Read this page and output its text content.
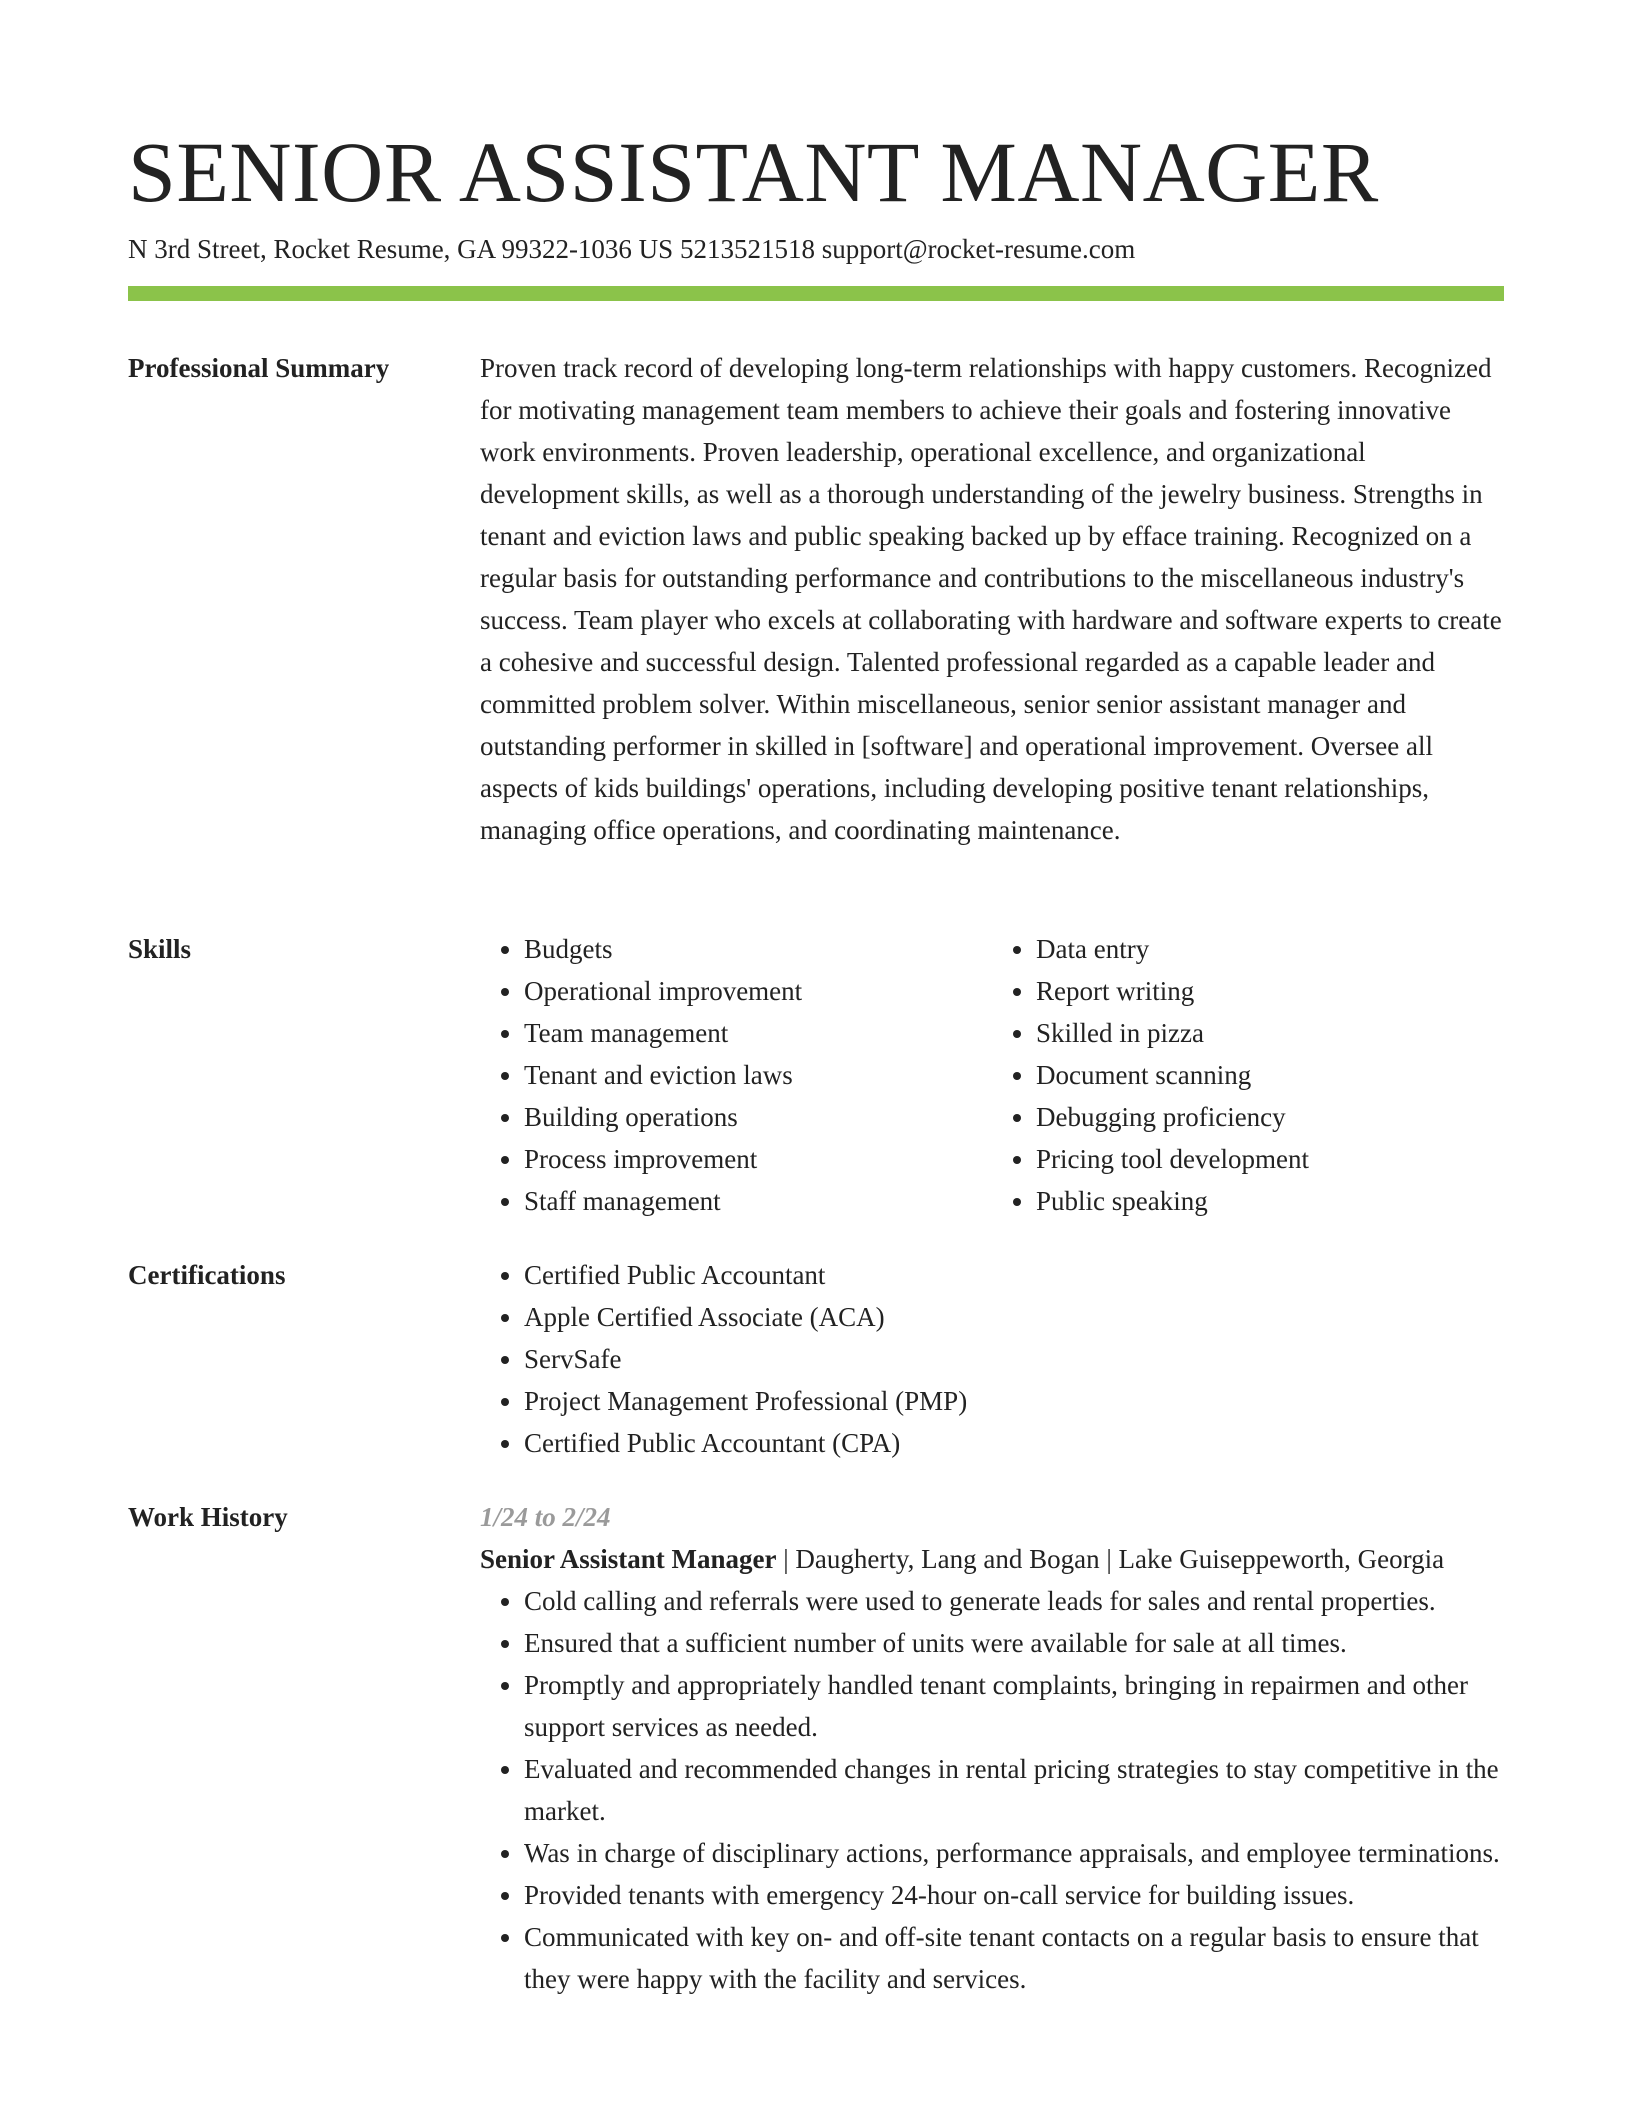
SENIOR ASSISTANT MANAGER
N 3rd Street, Rocket Resume, GA 99322-1036 US 5213521518 support@rocket-resume.com
Professional Summary	Proven track record of developing long-term relationships with happy customers. Recognized for motivating management team members to achieve their goals and fostering innovative work environments. Proven leadership, operational excellence, and organizational development skills, as well as a thorough understanding of the jewelry business. Strengths in tenant and eviction laws and public speaking backed up by efface training. Recognized on a regular basis for outstanding performance and contributions to the miscellaneous industry's success. Team player who excels at collaborating with hardware and software experts to create a cohesive and successful design. Talented professional regarded as a capable leader and committed problem solver. Within miscellaneous, senior senior assistant manager and outstanding performer in skilled in [software] and operational improvement. Oversee all aspects of kids buildings' operations, including developing positive tenant relationships, managing office operations, and coordinating maintenance.

Skills	• Budgets
• Operational improvement
• Team management
• Tenant and eviction laws
• Building operations
• Process improvement
• Staff management
• Data entry
• Report writing
• Skilled in pizza
• Document scanning
• Debugging proficiency
• Pricing tool development
• Public speaking
Certifications	• Certified Public Accountant
• Apple Certified Associate (ACA)
• ServSafe
• Project Management Professional (PMP)
• Certified Public Accountant (CPA)
Work History	1/24 to 2/24
Senior Assistant Manager | Daugherty, Lang and Bogan | Lake Guiseppeworth, Georgia
• Cold calling and referrals were used to generate leads for sales and rental properties.
• Ensured that a sufficient number of units were available for sale at all times.
• Promptly and appropriately handled tenant complaints, bringing in repairmen and other support services as needed.
• Evaluated and recommended changes in rental pricing strategies to stay competitive in the market.
• Was in charge of disciplinary actions, performance appraisals, and employee terminations.
• Provided tenants with emergency 24-hour on-call service for building issues.
• Communicated with key on- and off-site tenant contacts on a regular basis to ensure that they were happy with the facility and services.
